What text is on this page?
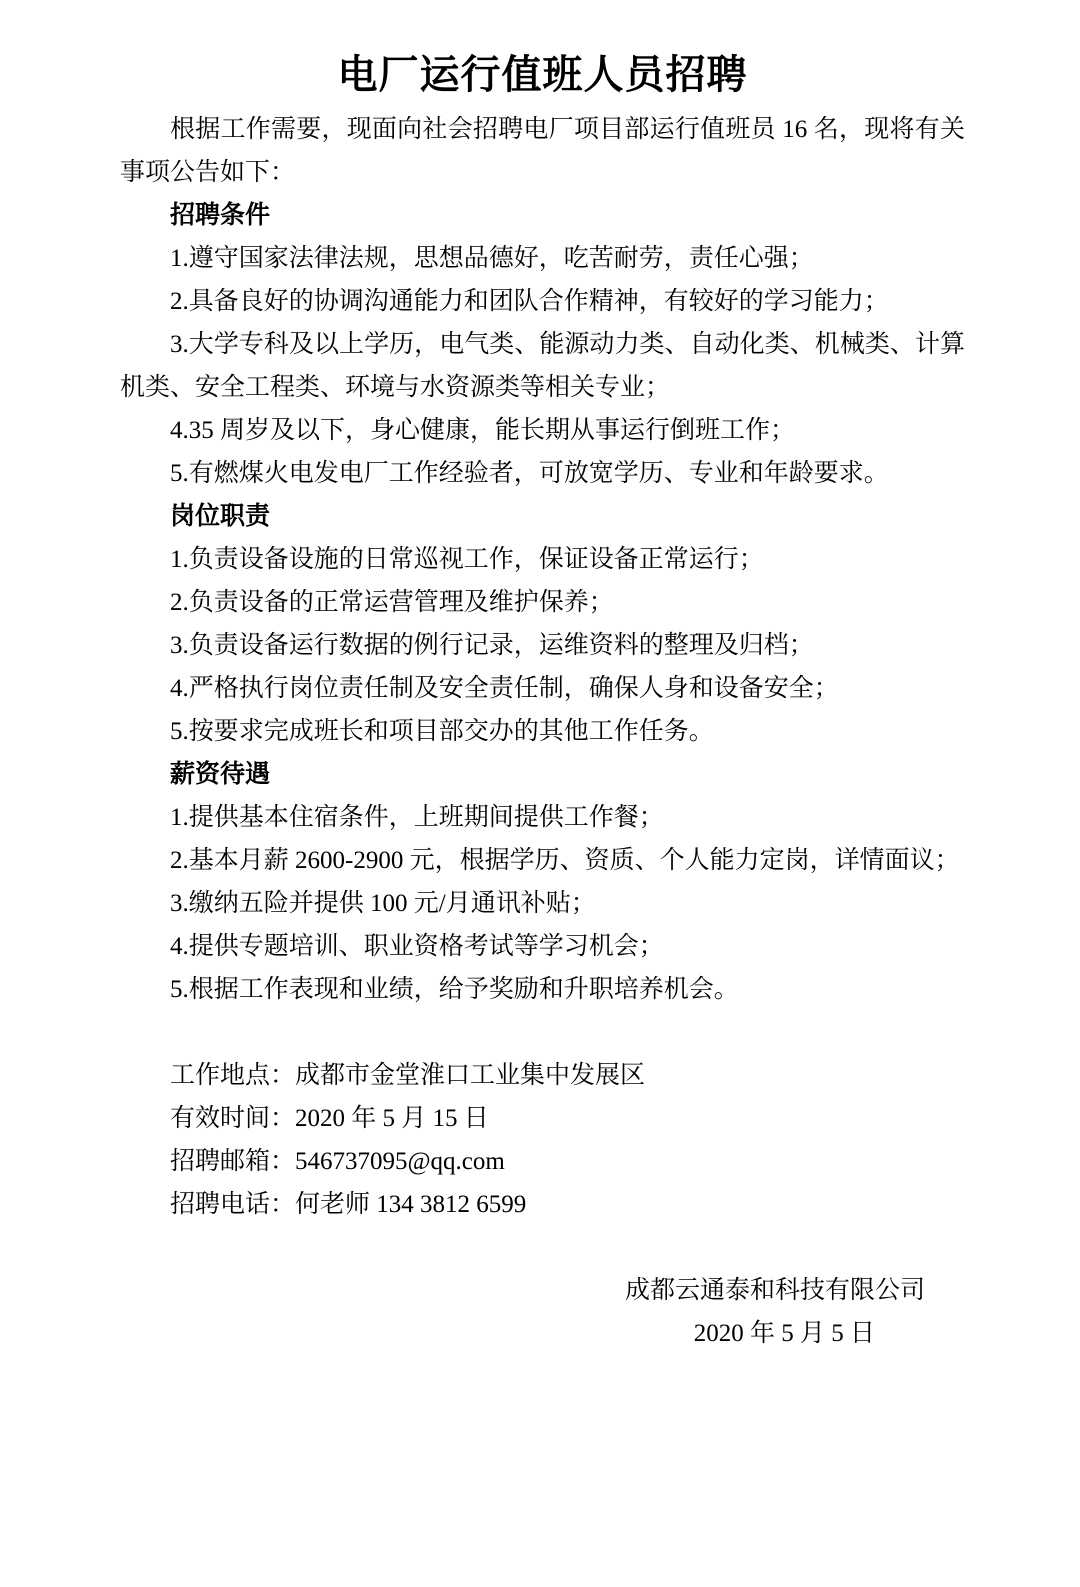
电厂运行值班人员招聘

根据工作需要，现面向社会招聘电厂项目部运行值班员 16 名，现将有关事项公告如下：

招聘条件

1.遵守国家法律法规，思想品德好，吃苦耐劳，责任心强；

2.具备良好的协调沟通能力和团队合作精神，有较好的学习能力；

3.大学专科及以上学历，电气类、能源动力类、自动化类、机械类、计算机类、安全工程类、环境与水资源类等相关专业；

4.35 周岁及以下，身心健康，能长期从事运行倒班工作；

5.有燃煤火电发电厂工作经验者，可放宽学历、专业和年龄要求。

岗位职责

1.负责设备设施的日常巡视工作，保证设备正常运行；

2.负责设备的正常运营管理及维护保养；

3.负责设备运行数据的例行记录，运维资料的整理及归档；

4.严格执行岗位责任制及安全责任制，确保人身和设备安全；

5.按要求完成班长和项目部交办的其他工作任务。

薪资待遇

1.提供基本住宿条件，上班期间提供工作餐；

2.基本月薪 2600-2900 元，根据学历、资质、个人能力定岗，详情面议；

3.缴纳五险并提供 100 元/月通讯补贴；

4.提供专题培训、职业资格考试等学习机会；

5.根据工作表现和业绩，给予奖励和升职培养机会。

工作地点：成都市金堂淮口工业集中发展区

有效时间：2020 年 5 月 15 日

招聘邮箱：546737095@qq.com

招聘电话：何老师 134 3812 6599

成都云通泰和科技有限公司

2020 年 5 月 5 日
